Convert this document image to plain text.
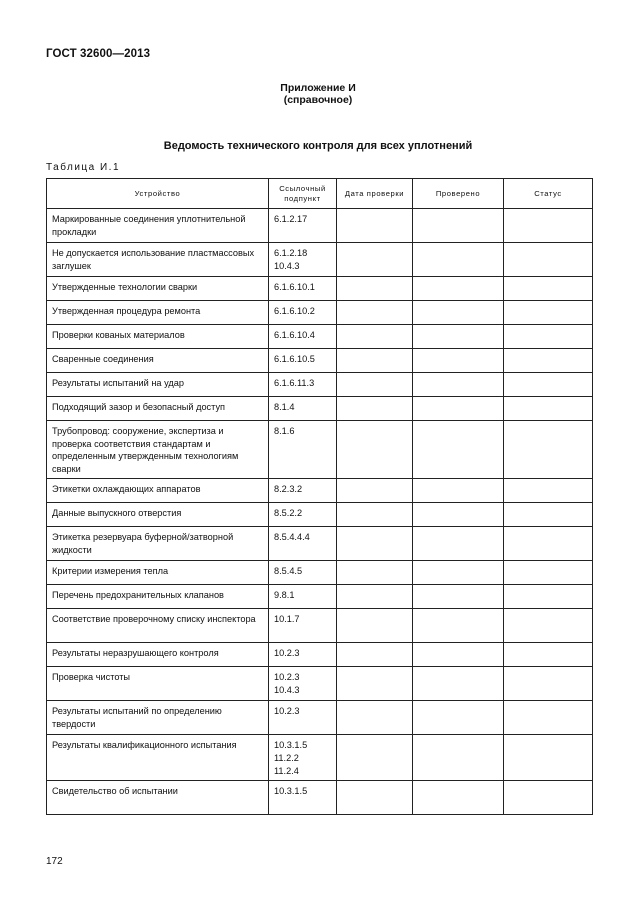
ГОСТ 32600—2013
Приложение И
(справочное)
Ведомость технического контроля для всех уплотнений
Таблица И.1
Устройство	Ссылочный подпункт	Дата проверки	Проверено	Статус
Маркированные соединения уплотнительной прокладки	6.1.2.17			

Не допускается использование пластмассовых заглушек	6.1.2.18
10.4.3			

Утвержденные технологии сварки	6.1.6.10.1			

Утвержденная процедура ремонта	6.1.6.10.2			

Проверки кованых материалов	6.1.6.10.4			

Сваренные соединения	6.1.6.10.5			

Результаты испытаний на удар	6.1.6.11.3			

Подходящий зазор и безопасный доступ	8.1.4			

Трубопровод: сооружение, экспертиза и проверка соответствия стандартам и определенным утвержденным технологиям сварки	8.1.6			

Этикетки охлаждающих аппаратов	8.2.3.2			

Данные выпускного отверстия	8.5.2.2			

Этикетка резервуара буферной/затворной жидкости	8.5.4.4.4			

Критерии измерения тепла	8.5.4.5			

Перечень предохранительных клапанов	9.8.1			

Соответствие проверочному списку инспектора	10.1.7			

Результаты неразрушающего контроля	10.2.3			

Проверка чистоты	10.2.3
10.4.3			

Результаты испытаний по определению твердости	10.2.3			

Результаты квалификационного испытания	10.3.1.5
11.2.2
11.2.4			

Свидетельство об испытании	10.3.1.5			

172
